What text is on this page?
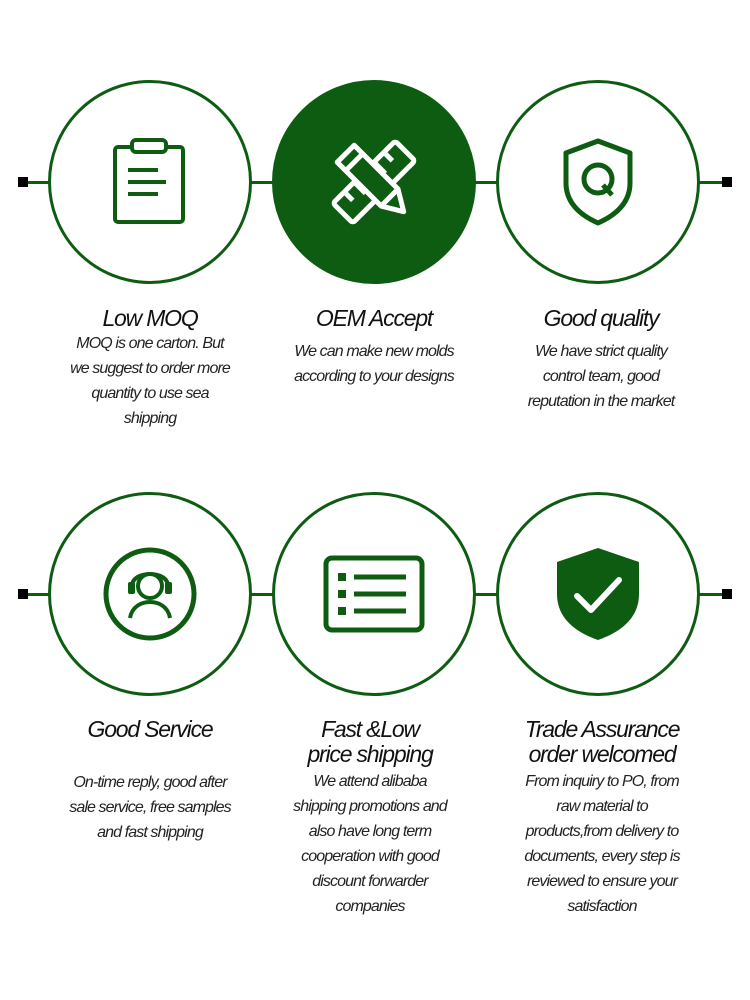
Low MOQ

MOQ is one carton. But
we suggest to order more
quantity to use sea
shipping

OEM Accept

We can make new molds
according to your designs

Good quality

We have strict quality
control team, good
reputation in the market

Good Service

On-time reply, good after
sale service, free samples
and fast shipping

Fast &Low
price shipping

We attend alibaba
shipping promotions and
also have long term
cooperation with good
discount forwarder
companies

Trade Assurance
order welcomed

From inquiry to PO, from
raw material to
products,from delivery to
documents, every step is
reviewed to ensure your
satisfaction
